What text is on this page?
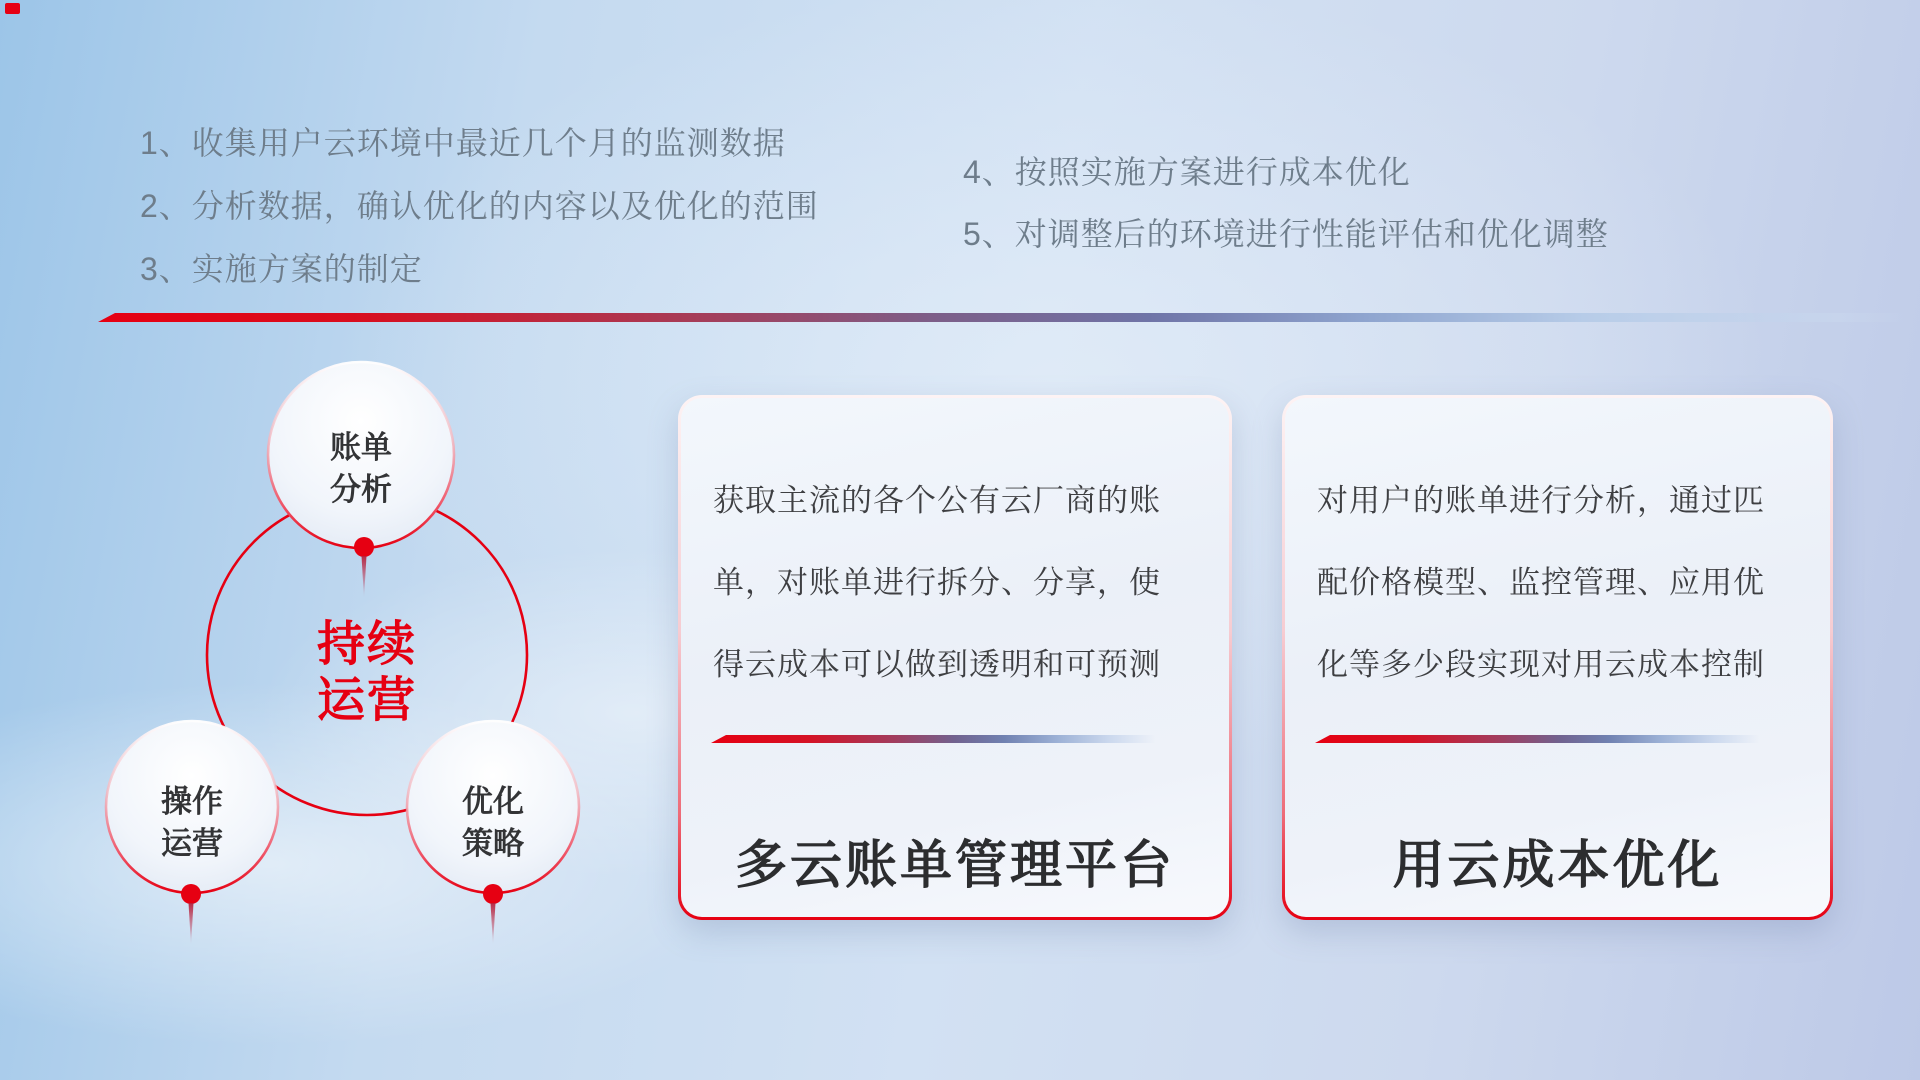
1、收集用户云环境中最近几个月的监测数据
2、分析数据，确认优化的内容以及优化的范围
3、实施方案的制定
4、按照实施方案进行成本优化
5、对调整后的环境进行性能评估和优化调整
账单
分析
操作
运营
优化
策略
持续
运营
获取主流的各个公有云厂商的账
单，对账单进行拆分、分享，使
得云成本可以做到透明和可预测
多云账单管理平台
对用户的账单进行分析，通过匹
配价格模型、监控管理、应用优
化等多少段实现对用云成本控制
用云成本优化
